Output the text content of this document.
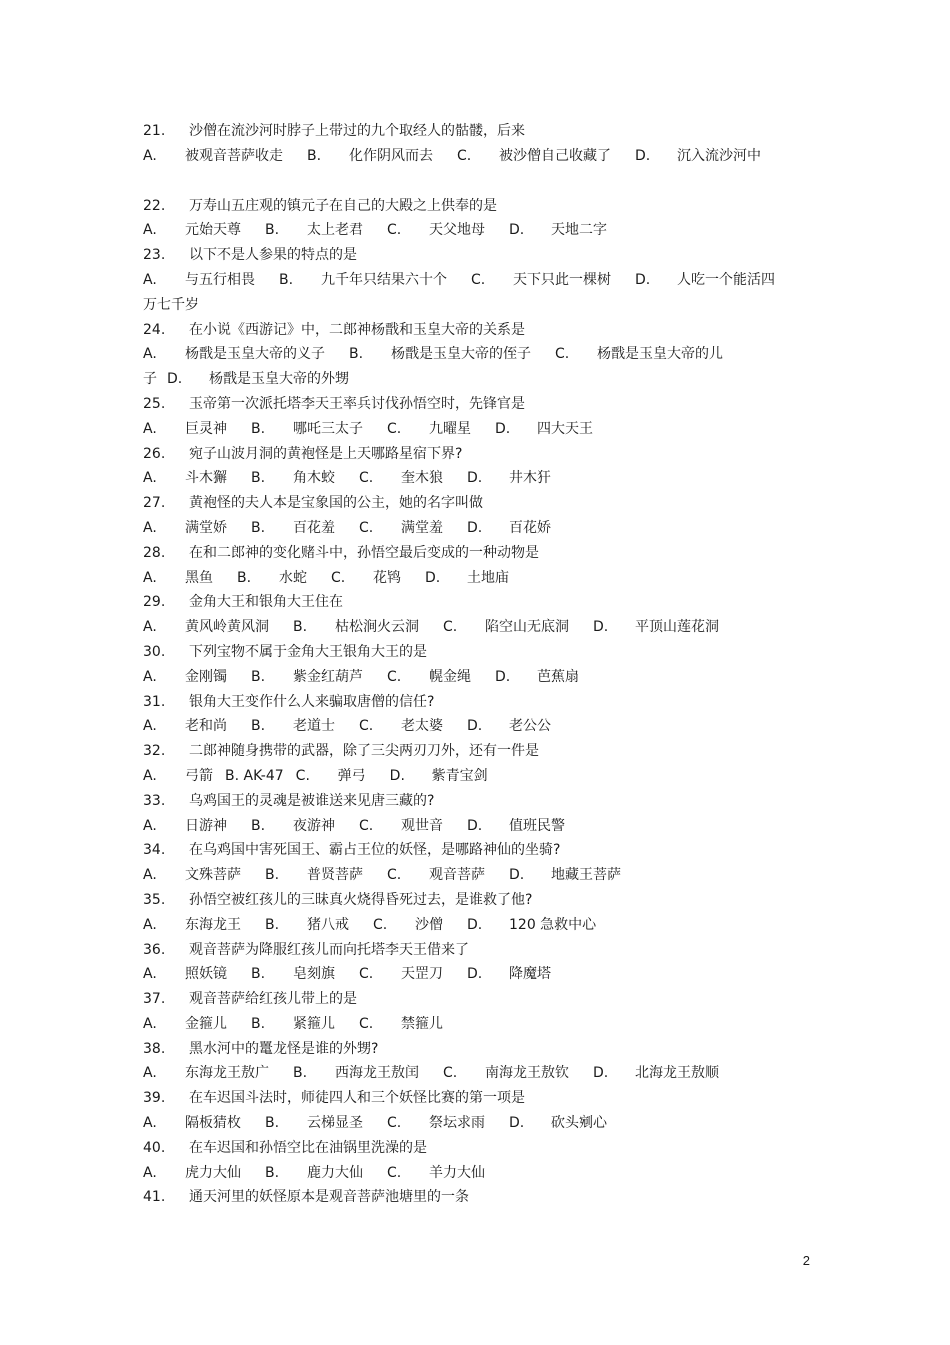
21. 沙僧在流沙河时脖子上带过的九个取经人的骷髅，后来
A. 被观音菩萨收走 B. 化作阴风而去 C. 被沙僧自己收藏了 D. 沉入流沙河中
22. 万寿山五庄观的镇元子在自己的大殿之上供奉的是
A. 元始天尊 B. 太上老君 C. 天父地母 D. 天地二字
23. 以下不是人参果的特点的是
A. 与五行相畏 B. 九千年只结果六十个 C. 天下只此一棵树 D. 人吃一个能活四
万七千岁
24. 在小说《西游记》中，二郎神杨戬和玉皇大帝的关系是
A. 杨戬是玉皇大帝的义子 B. 杨戬是玉皇大帝的侄子 C. 杨戬是玉皇大帝的儿
子 D. 杨戬是玉皇大帝的外甥
25. 玉帝第一次派托塔李天王率兵讨伐孙悟空时，先锋官是
A. 巨灵神 B. 哪吒三太子 C. 九曜星 D. 四大天王
26. 宛子山波月洞的黄袍怪是上天哪路星宿下界?
A. 斗木獬 B. 角木蛟 C. 奎木狼 D. 井木犴
27. 黄袍怪的夫人本是宝象国的公主，她的名字叫做
A. 满堂娇 B. 百花羞 C. 满堂羞 D. 百花娇
28. 在和二郎神的变化赌斗中，孙悟空最后变成的一种动物是
A. 黑鱼 B. 水蛇 C. 花鸨 D. 土地庙
29. 金角大王和银角大王住在
A. 黄风岭黄风洞 B. 枯松涧火云洞 C. 陷空山无底洞 D. 平顶山莲花洞
30. 下列宝物不属于金角大王银角大王的是
A. 金刚镯 B. 紫金红葫芦 C. 幌金绳 D. 芭蕉扇
31. 银角大王变作什么人来骗取唐僧的信任?
A. 老和尚 B. 老道士 C. 老太婆 D. 老公公
32. 二郎神随身携带的武器，除了三尖两刃刀外，还有一件是
A. 弓箭 B. AK-47 C. 弹弓 D. 紫青宝剑
33. 乌鸡国王的灵魂是被谁送来见唐三藏的?
A. 日游神 B. 夜游神 C. 观世音 D. 值班民警
34. 在乌鸡国中害死国王、霸占王位的妖怪，是哪路神仙的坐骑?
A. 文殊菩萨 B. 普贤菩萨 C. 观音菩萨 D. 地藏王菩萨
35. 孙悟空被红孩儿的三昧真火烧得昏死过去，是谁救了他?
A. 东海龙王 B. 猪八戒 C. 沙僧 D. 120 急救中心
36. 观音菩萨为降服红孩儿而向托塔李天王借来了
A. 照妖镜 B. 皂刻旗 C. 天罡刀 D. 降魔塔
37. 观音菩萨给红孩儿带上的是
A. 金箍儿 B. 紧箍儿 C. 禁箍儿
38. 黑水河中的鼍龙怪是谁的外甥?
A. 东海龙王敖广 B. 西海龙王敖闰 C. 南海龙王敖钦 D. 北海龙王敖顺
39. 在车迟国斗法时，师徒四人和三个妖怪比赛的第一项是
A. 隔板猜枚 B. 云梯显圣 C. 祭坛求雨 D. 砍头剜心
40. 在车迟国和孙悟空比在油锅里洗澡的是
A. 虎力大仙 B. 鹿力大仙 C. 羊力大仙
41. 通天河里的妖怪原本是观音菩萨池塘里的一条
2
